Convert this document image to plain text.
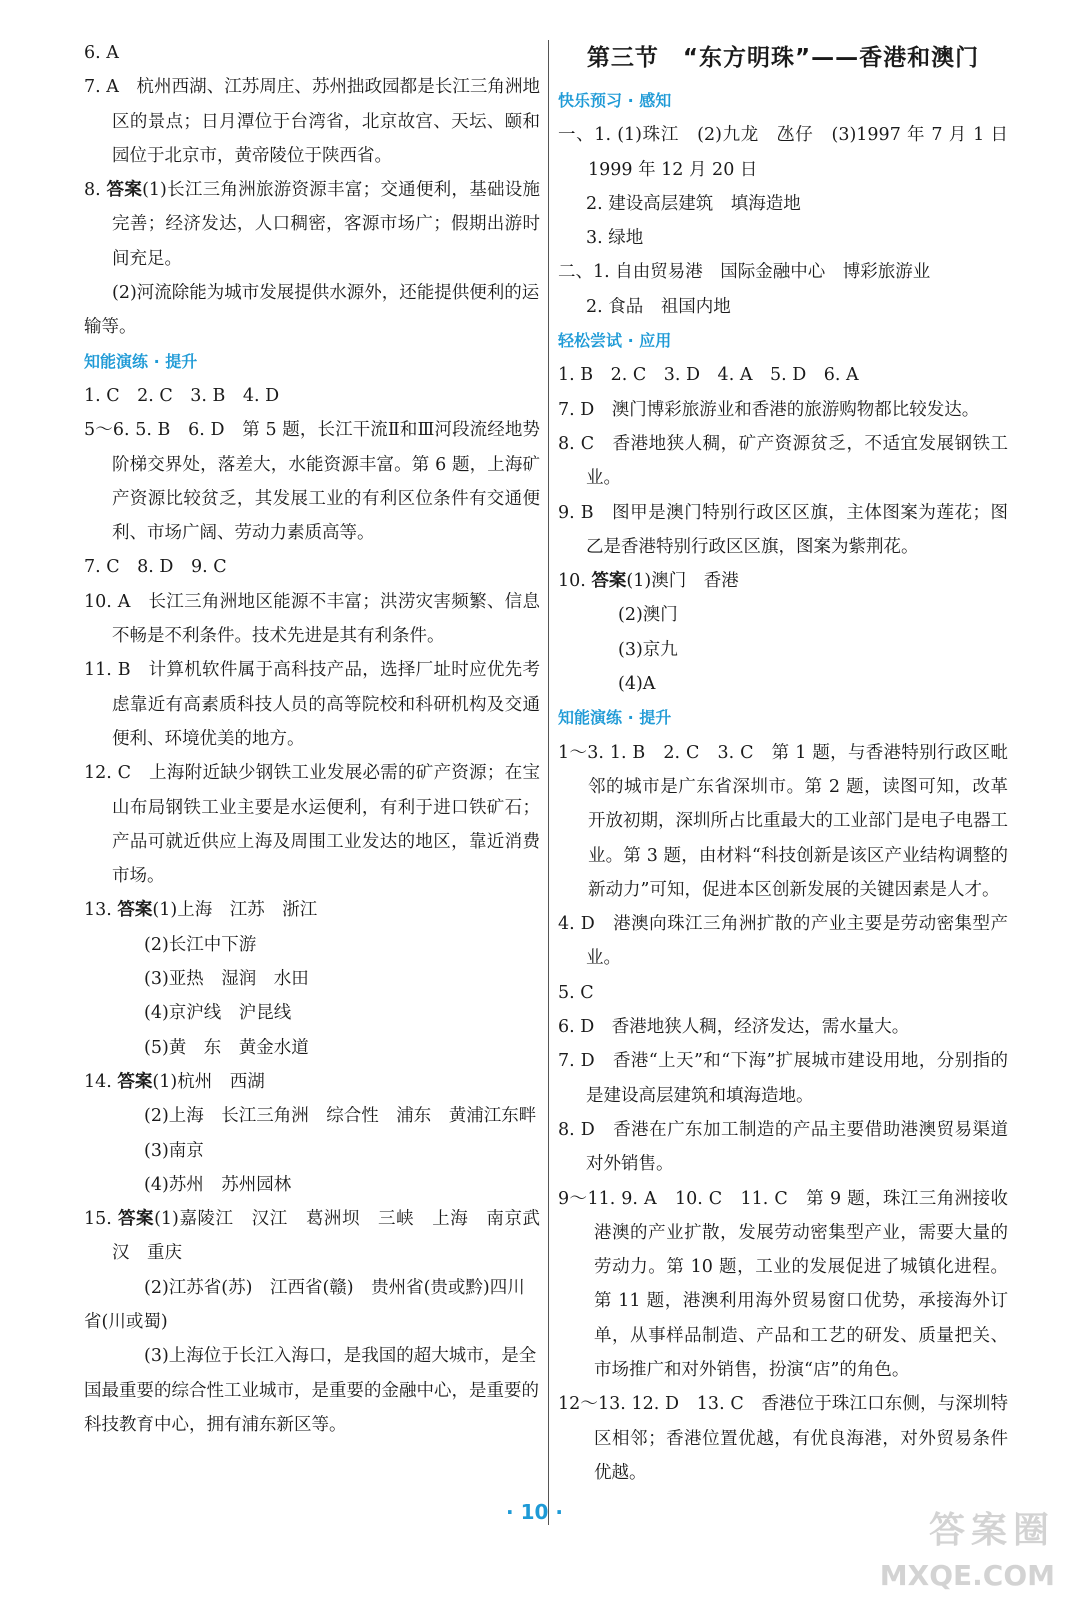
6. A
7. A　杭州西湖、江苏周庄、苏州拙政园都是长江三角洲地区的景点；日月潭位于台湾省，北京故宫、天坛、颐和园位于北京市，黄帝陵位于陕西省。
8. 答案(1)长江三角洲旅游资源丰富；交通便利，基础设施完善；经济发达，人口稠密，客源市场广；假期出游时间充足。
(2)河流除能为城市发展提供水源外，还能提供便利的运输等。
知能演练 · 提升
1. C　2. C　3. B　4. D
5～6. 5. B　6. D　第 5 题，长江干流Ⅱ和Ⅲ河段流经地势阶梯交界处，落差大，水能资源丰富。第 6 题，上海矿产资源比较贫乏，其发展工业的有利区位条件有交通便利、市场广阔、劳动力素质高等。
7. C　8. D　9. C
10. A　长江三角洲地区能源不丰富；洪涝灾害频繁、信息不畅是不利条件。技术先进是其有利条件。
11. B　计算机软件属于高科技产品，选择厂址时应优先考虑靠近有高素质科技人员的高等院校和科研机构及交通便利、环境优美的地方。
12. C　上海附近缺少钢铁工业发展必需的矿产资源；在宝山布局钢铁工业主要是水运便利，有利于进口铁矿石；产品可就近供应上海及周围工业发达的地区，靠近消费市场。
13. 答案(1)上海　江苏　浙江
(2)长江中下游
(3)亚热　湿润　水田
(4)京沪线　沪昆线
(5)黄　东　黄金水道
14. 答案(1)杭州　西湖
(2)上海　长江三角洲　综合性　浦东　黄浦江东畔
(3)南京
(4)苏州　苏州园林
15. 答案(1)嘉陵江　汉江　葛洲坝　三峡　上海　南京武汉　重庆
(2)江苏省(苏)　江西省(赣)　贵州省(贵或黔)四川省(川或蜀)
(3)上海位于长江入海口，是我国的超大城市，是全国最重要的综合性工业城市，是重要的金融中心，是重要的科技教育中心，拥有浦东新区等。
第三节　“东方明珠”——香港和澳门
快乐预习 · 感知
一、1. (1)珠江　(2)九龙　氹仔　(3)1997 年 7 月 1 日 1999 年 12 月 20 日
2. 建设高层建筑　填海造地
3. 绿地
二、1. 自由贸易港　国际金融中心　博彩旅游业
2. 食品　祖国内地
轻松尝试 · 应用
1. B　2. C　3. D　4. A　5. D　6. A
7. D　澳门博彩旅游业和香港的旅游购物都比较发达。
8. C　香港地狭人稠，矿产资源贫乏，不适宜发展钢铁工业。
9. B　图甲是澳门特别行政区区旗，主体图案为莲花；图乙是香港特别行政区区旗，图案为紫荆花。
10. 答案(1)澳门　香港
(2)澳门
(3)京九
(4)A
知能演练 · 提升
1～3. 1. B　2. C　3. C　第 1 题，与香港特别行政区毗邻的城市是广东省深圳市。第 2 题，读图可知，改革开放初期，深圳所占比重最大的工业部门是电子电器工业。第 3 题，由材料“科技创新是该区产业结构调整的新动力”可知，促进本区创新发展的关键因素是人才。
4. D　港澳向珠江三角洲扩散的产业主要是劳动密集型产业。
5. C
6. D　香港地狭人稠，经济发达，需水量大。
7. D　香港“上天”和“下海”扩展城市建设用地，分别指的是建设高层建筑和填海造地。
8. D　香港在广东加工制造的产品主要借助港澳贸易渠道对外销售。
9～11. 9. A　10. C　11. C　第 9 题，珠江三角洲接收港澳的产业扩散，发展劳动密集型产业，需要大量的劳动力。第 10 题，工业的发展促进了城镇化进程。第 11 题，港澳利用海外贸易窗口优势，承接海外订单，从事样品制造、产品和工艺的研发、质量把关、市场推广和对外销售，扮演“店”的角色。
12～13. 12. D　13. C　香港位于珠江口东侧，与深圳特区相邻；香港位置优越，有优良海港，对外贸易条件优越。
· 10 ·	答案圈
MXQE.COM
